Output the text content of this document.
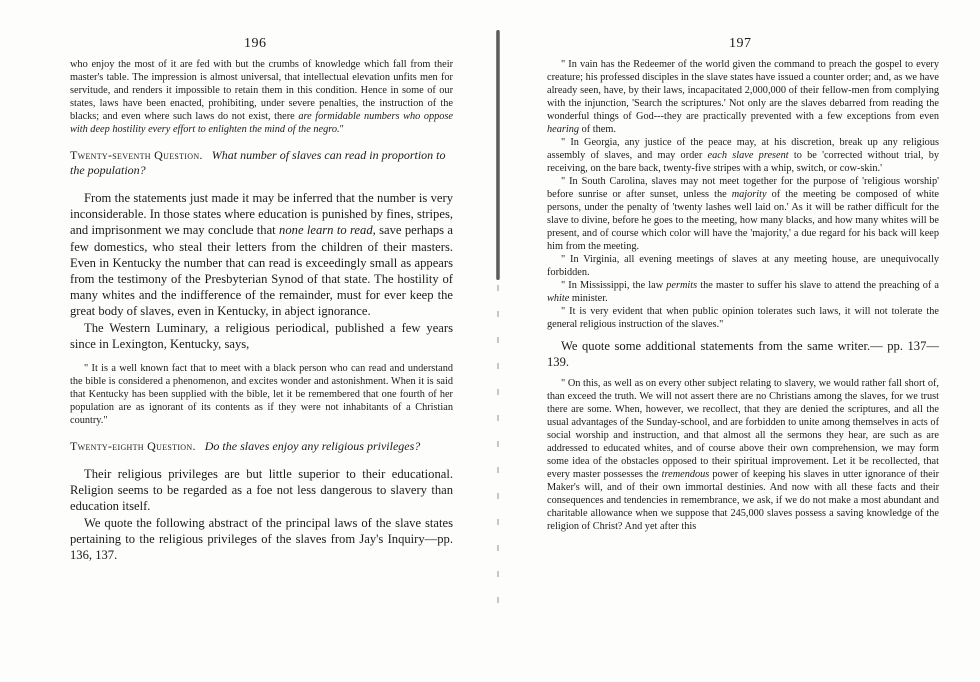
196

who enjoy the most of it are fed with but the crumbs of knowledge which fall from their master's table. The impression is almost universal, that intellectual elevation unfits men for servitude, and renders it impossible to retain them in this condition. Hence in some of our states, laws have been enacted, prohibiting, under severe penalties, the instruction of the blacks; and even where such laws do not exist, there are formidable numbers who oppose with deep hostility every effort to enlighten the mind of the negro."

Twenty-seventh Question. What number of slaves can read in proportion to the population?

From the statements just made it may be inferred that the number is very inconsiderable. In those states where education is punished by fines, stripes, and imprisonment we may conclude that none learn to read, save perhaps a few domestics, who steal their letters from the children of their masters. Even in Kentucky the number that can read is exceedingly small as appears from the testimony of the Presbyterian Synod of that state. The hostility of many whites and the indifference of the remainder, must for ever keep the great body of slaves, even in Kentucky, in abject ignorance.

The Western Luminary, a religious periodical, published a few years since in Lexington, Kentucky, says,

" It is a well known fact that to meet with a black person who can read and understand the bible is considered a phenomenon, and excites wonder and astonishment. When it is said that Kentucky has been supplied with the bible, let it be remembered that one fourth of her population are as ignorant of its contents as if they were not inhabitants of a Christian country."

Twenty-eighth Question. Do the slaves enjoy any religious privileges?

Their religious privileges are but little superior to their educational. Religion seems to be regarded as a foe not less dangerous to slavery than education itself.

We quote the following abstract of the principal laws of the slave states pertaining to the religious privileges of the slaves from Jay's Inquiry—pp. 136, 137.

197

" In vain has the Redeemer of the world given the command to preach the gospel to every creature; his professed disciples in the slave states have issued a counter order; and, as we have already seen, have, by their laws, incapacitated 2,000,000 of their fellow-men from complying with the injunction, 'Search the scriptures.' Not only are the slaves debarred from reading the wonderful things of God---they are practically prevented with a few exceptions from even hearing of them.

" In Georgia, any justice of the peace may, at his discretion, break up any religious assembly of slaves, and may order each slave present to be 'corrected without trial, by receiving, on the bare back, twenty-five stripes with a whip, switch, or cow-skin.'

" In South Carolina, slaves may not meet together for the purpose of 'religious worship' before sunrise or after sunset, unless the majority of the meeting be composed of white persons, under the penalty of 'twenty lashes well laid on.' As it will be rather difficult for the slave to divine, before he goes to the meeting, how many blacks, and how many whites will be present, and of course which color will have the 'majority,' a due regard for his back will keep him from the meeting.

" In Virginia, all evening meetings of slaves at any meeting house, are unequivocally forbidden.

" In Mississippi, the law permits the master to suffer his slave to attend the preaching of a white minister.

" It is very evident that when public opinion tolerates such laws, it will not tolerate the general religious instruction of the slaves."

We quote some additional statements from the same writer.— pp. 137—139.

" On this, as well as on every other subject relating to slavery, we would rather fall short of, than exceed the truth. We will not assert there are no Christians among the slaves, for we trust there are some. When, however, we recollect, that they are denied the scriptures, and all the usual advantages of the Sunday-school, and are forbidden to unite among themselves in acts of social worship and instruction, and that almost all the sermons they hear, are such as are addressed to educated whites, and of course above their own comprehension, we may form some idea of the obstacles opposed to their spiritual improvement. Let it be recollected, that every master possesses the tremendous power of keeping his slaves in utter ignorance of their Maker's will, and of their own immortal destinies. And now with all these facts and their consequences and tendencies in remembrance, we ask, if we do not make a most abundant and charitable allowance when we suppose that 245,000 slaves possess a saving knowledge of the religion of Christ? And yet after this
